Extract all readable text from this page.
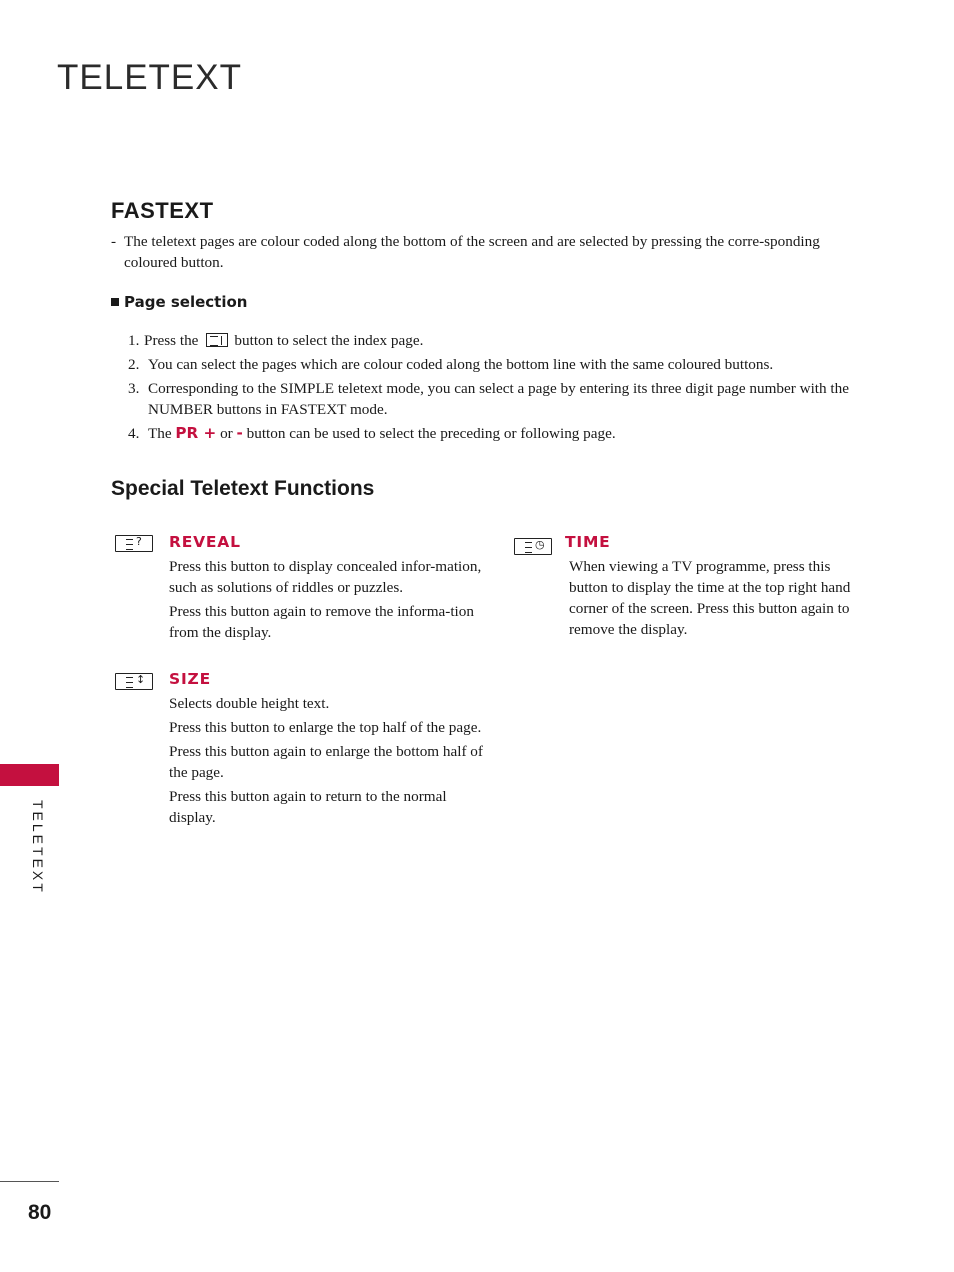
TELETEXT
FASTEXT
- The teletext pages are colour coded along the bottom of the screen and are selected by pressing the corre-sponding coloured button.
Page selection
1. Press the button to select the index page.
2. You can select the pages which are colour coded along the bottom line with the same coloured buttons.
3. Corresponding to the SIMPLE teletext mode, you can select a page by entering its three digit page number with the NUMBER buttons in FASTEXT mode.
4. The PR + or - button can be used to select the preceding or following page.
Special Teletext Functions
? REVEAL

Press this button to display concealed infor-mation, such as solutions of riddles or puzzles.

Press this button again to remove the informa-tion from the display.

↕ SIZE

Selects double height text.

Press this button to enlarge the top half of the page.

Press this button again to enlarge the bottom half of the page.

Press this button again to return to the normal display.

◷ TIME

When viewing a TV programme, press this button to display the time at the top right hand corner of the screen. Press this button again to remove the display.

TELETEXT
80
